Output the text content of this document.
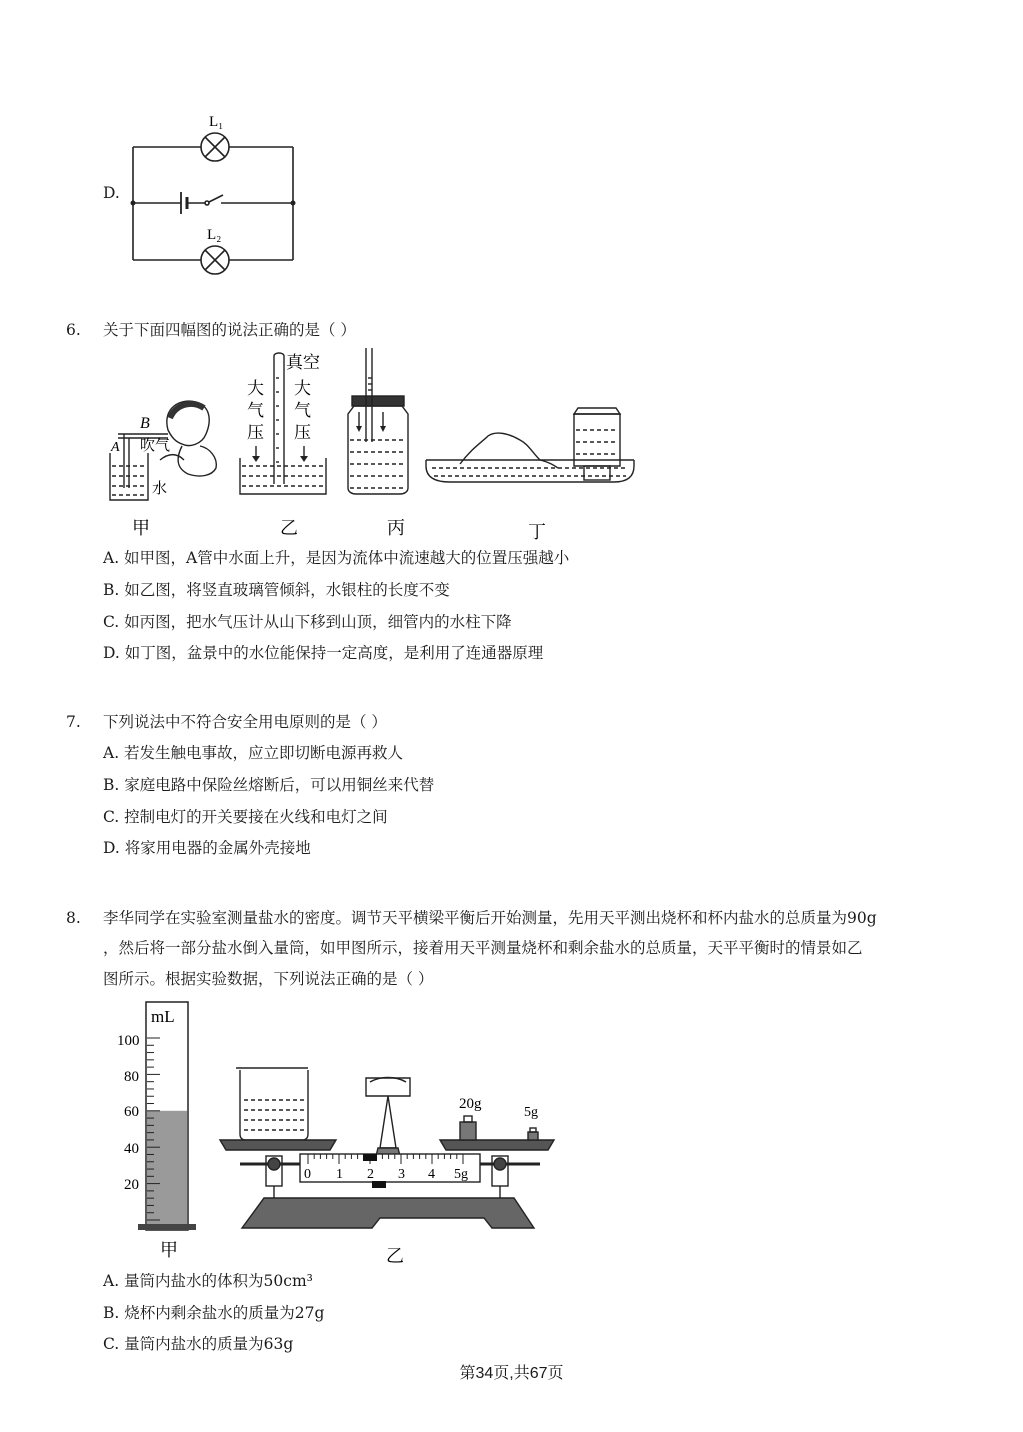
D.
L₁
L₂
6. 关于下面四幅图的说法正确的是（ ）
B
A 吹气
水
真空
大
气
压
大
气
压
甲	乙	丙	丁
A. 如甲图，A管中水面上升，是因为流体中流速越大的位置压强越小
B. 如乙图，将竖直玻璃管倾斜，水银柱的长度不变
C. 如丙图，把水气压计从山下移到山顶，细管内的水柱下降
D. 如丁图，盆景中的水位能保持一定高度，是利用了连通器原理
7. 下列说法中不符合安全用电原则的是（ ）
A. 若发生触电事故，应立即切断电源再救人
B. 家庭电路中保险丝熔断后，可以用铜丝来代替
C. 控制电灯的开关要接在火线和电灯之间
D. 将家用电器的金属外壳接地
8. 李华同学在实验室测量盐水的密度。调节天平横梁平衡后开始测量，先用天平测出烧杯和杯内盐水的总质量为90g
，然后将一部分盐水倒入量筒，如甲图所示，接着用天平测量烧杯和剩余盐水的总质量，天平平衡时的情景如乙
图所示。根据实验数据，下列说法正确的是（ ）
mL
100
80
60
40
20
20g
5g
0 1 2 3 4 5g
甲	乙
A. 量筒内盐水的体积为50cm³
B. 烧杯内剩余盐水的质量为27g
C. 量筒内盐水的质量为63g
第34页,共67页
